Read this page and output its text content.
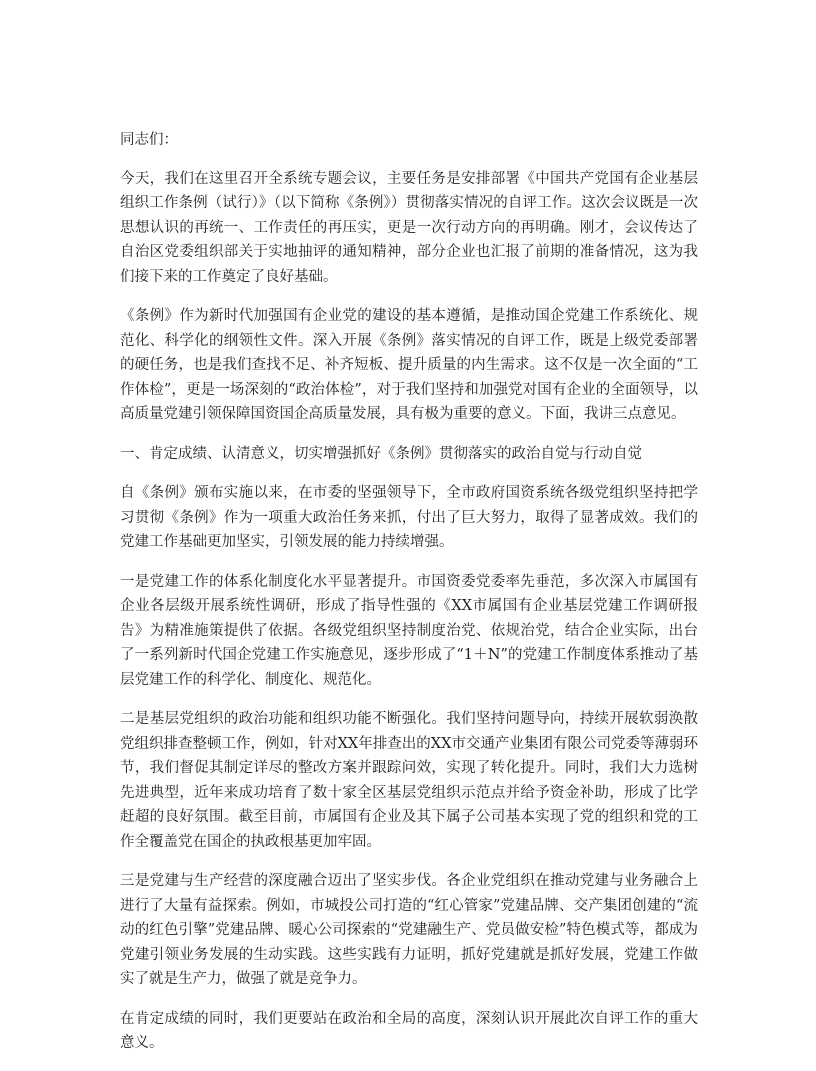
同志们：

今天，我们在这里召开全系统专题会议，主要任务是安排部署《中国共产党国有企业基层组织工作条例（试行）》（以下简称《条例》）贯彻落实情况的自评工作。这次会议既是一次思想认识的再统一、工作责任的再压实，更是一次行动方向的再明确。刚才，会议传达了自治区党委组织部关于实地抽评的通知精神，部分企业也汇报了前期的准备情况，这为我们接下来的工作奠定了良好基础。

《条例》作为新时代加强国有企业党的建设的基本遵循，是推动国企党建工作系统化、规范化、科学化的纲领性文件。深入开展《条例》落实情况的自评工作，既是上级党委部署的硬任务，也是我们查找不足、补齐短板、提升质量的内生需求。这不仅是一次全面的“工作体检”，更是一场深刻的“政治体检”，对于我们坚持和加强党对国有企业的全面领导，以高质量党建引领保障国资国企高质量发展，具有极为重要的意义。下面，我讲三点意见。

一、肯定成绩、认清意义，切实增强抓好《条例》贯彻落实的政治自觉与行动自觉

自《条例》颁布实施以来，在市委的坚强领导下，全市政府国资系统各级党组织坚持把学习贯彻《条例》作为一项重大政治任务来抓，付出了巨大努力，取得了显著成效。我们的党建工作基础更加坚实，引领发展的能力持续增强。

一是党建工作的体系化制度化水平显著提升。市国资委党委率先垂范，多次深入市属国有企业各层级开展系统性调研，形成了指导性强的《XX市属国有企业基层党建工作调研报告》为精准施策提供了依据。各级党组织坚持制度治党、依规治党，结合企业实际，出台了一系列新时代国企党建工作实施意见，逐步形成了“1＋N”的党建工作制度体系推动了基层党建工作的科学化、制度化、规范化。

二是基层党组织的政治功能和组织功能不断强化。我们坚持问题导向，持续开展软弱涣散党组织排查整顿工作，例如，针对XX年排查出的XX市交通产业集团有限公司党委等薄弱环节，我们督促其制定详尽的整改方案并跟踪问效，实现了转化提升。同时，我们大力选树先进典型，近年来成功培育了数十家全区基层党组织示范点并给予资金补助，形成了比学赶超的良好氛围。截至目前，市属国有企业及其下属子公司基本实现了党的组织和党的工作全覆盖党在国企的执政根基更加牢固。

三是党建与生产经营的深度融合迈出了坚实步伐。各企业党组织在推动党建与业务融合上进行了大量有益探索。例如，市城投公司打造的“红心管家”党建品牌、交产集团创建的“流动的红色引擎”党建品牌、暖心公司探索的“党建融生产、党员做安检”特色模式等，都成为党建引领业务发展的生动实践。这些实践有力证明，抓好党建就是抓好发展，党建工作做实了就是生产力，做强了就是竞争力。

在肯定成绩的同时，我们更要站在政治和全局的高度，深刻认识开展此次自评工作的重大意义。
